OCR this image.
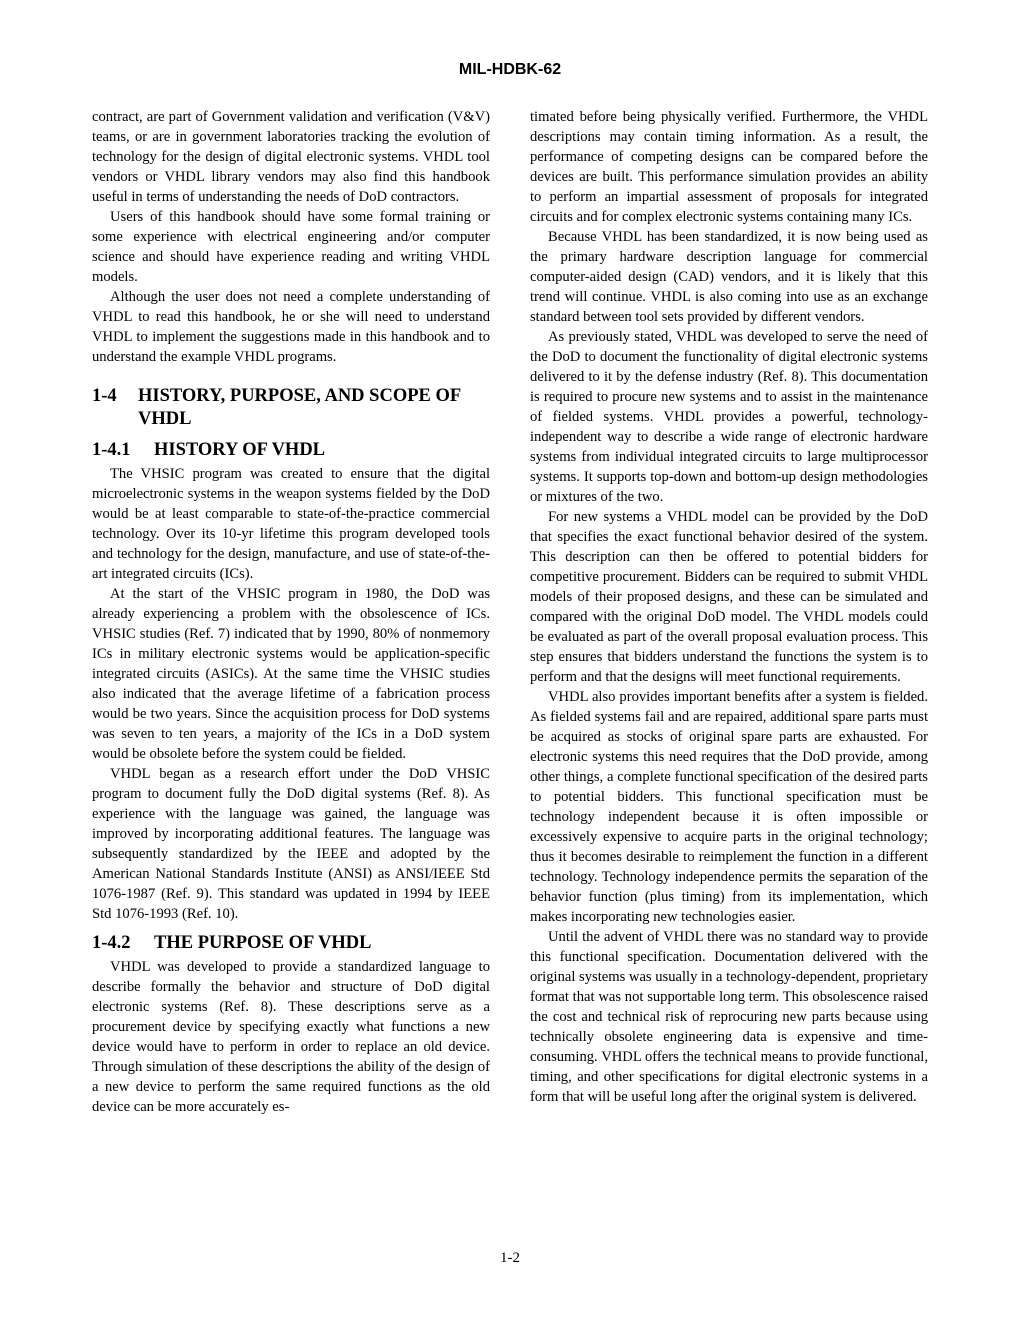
MIL-HDBK-62

contract, are part of Government validation and verification (V&V) teams, or are in government laboratories tracking the evolution of technology for the design of digital electronic systems. VHDL tool vendors or VHDL library vendors may also find this handbook useful in terms of understanding the needs of DoD contractors.

Users of this handbook should have some formal training or some experience with electrical engineering and/or computer science and should have experience reading and writing VHDL models.

Although the user does not need a complete understanding of VHDL to read this handbook, he or she will need to understand VHDL to implement the suggestions made in this handbook and to understand the example VHDL programs.

1-4	HISTORY, PURPOSE, AND SCOPE OF VHDL
1-4.1	HISTORY OF VHDL

The VHSIC program was created to ensure that the digital microelectronic systems in the weapon systems fielded by the DoD would be at least comparable to state-of-the-practice commercial technology. Over its 10-yr lifetime this program developed tools and technology for the design, manufacture, and use of state-of-the-art integrated circuits (ICs).

At the start of the VHSIC program in 1980, the DoD was already experiencing a problem with the obsolescence of ICs. VHSIC studies (Ref. 7) indicated that by 1990, 80% of nonmemory ICs in military electronic systems would be application-specific integrated circuits (ASICs). At the same time the VHSIC studies also indicated that the average lifetime of a fabrication process would be two years. Since the acquisition process for DoD systems was seven to ten years, a majority of the ICs in a DoD system would be obsolete before the system could be fielded.

VHDL began as a research effort under the DoD VHSIC program to document fully the DoD digital systems (Ref. 8). As experience with the language was gained, the language was improved by incorporating additional features. The language was subsequently standardized by the IEEE and adopted by the American National Standards Institute (ANSI) as ANSI/IEEE Std 1076-1987 (Ref. 9). This standard was updated in 1994 by IEEE Std 1076-1993 (Ref. 10).

1-4.2	THE PURPOSE OF VHDL

VHDL was developed to provide a standardized language to describe formally the behavior and structure of DoD digital electronic systems (Ref. 8). These descriptions serve as a procurement device by specifying exactly what functions a new device would have to perform in order to replace an old device. Through simulation of these descriptions the ability of the design of a new device to perform the same required functions as the old device can be more accurately es-

timated before being physically verified. Furthermore, the VHDL descriptions may contain timing information. As a result, the performance of competing designs can be compared before the devices are built. This performance simulation provides an ability to perform an impartial assessment of proposals for integrated circuits and for complex electronic systems containing many ICs.

Because VHDL has been standardized, it is now being used as the primary hardware description language for commercial computer-aided design (CAD) vendors, and it is likely that this trend will continue. VHDL is also coming into use as an exchange standard between tool sets provided by different vendors.

As previously stated, VHDL was developed to serve the need of the DoD to document the functionality of digital electronic systems delivered to it by the defense industry (Ref. 8). This documentation is required to procure new systems and to assist in the maintenance of fielded systems. VHDL provides a powerful, technology-independent way to describe a wide range of electronic hardware systems from individual integrated circuits to large multiprocessor systems. It supports top-down and bottom-up design methodologies or mixtures of the two.

For new systems a VHDL model can be provided by the DoD that specifies the exact functional behavior desired of the system. This description can then be offered to potential bidders for competitive procurement. Bidders can be required to submit VHDL models of their proposed designs, and these can be simulated and compared with the original DoD model. The VHDL models could be evaluated as part of the overall proposal evaluation process. This step ensures that bidders understand the functions the system is to perform and that the designs will meet functional requirements.

VHDL also provides important benefits after a system is fielded. As fielded systems fail and are repaired, additional spare parts must be acquired as stocks of original spare parts are exhausted. For electronic systems this need requires that the DoD provide, among other things, a complete functional specification of the desired parts to potential bidders. This functional specification must be technology independent because it is often impossible or excessively expensive to acquire parts in the original technology; thus it becomes desirable to reimplement the function in a different technology. Technology independence permits the separation of the behavior function (plus timing) from its implementation, which makes incorporating new technologies easier.

Until the advent of VHDL there was no standard way to provide this functional specification. Documentation delivered with the original systems was usually in a technology-dependent, proprietary format that was not supportable long term. This obsolescence raised the cost and technical risk of reprocuring new parts because using technically obsolete engineering data is expensive and time-consuming. VHDL offers the technical means to provide functional, timing, and other specifications for digital electronic systems in a form that will be useful long after the original system is delivered.

1-2
